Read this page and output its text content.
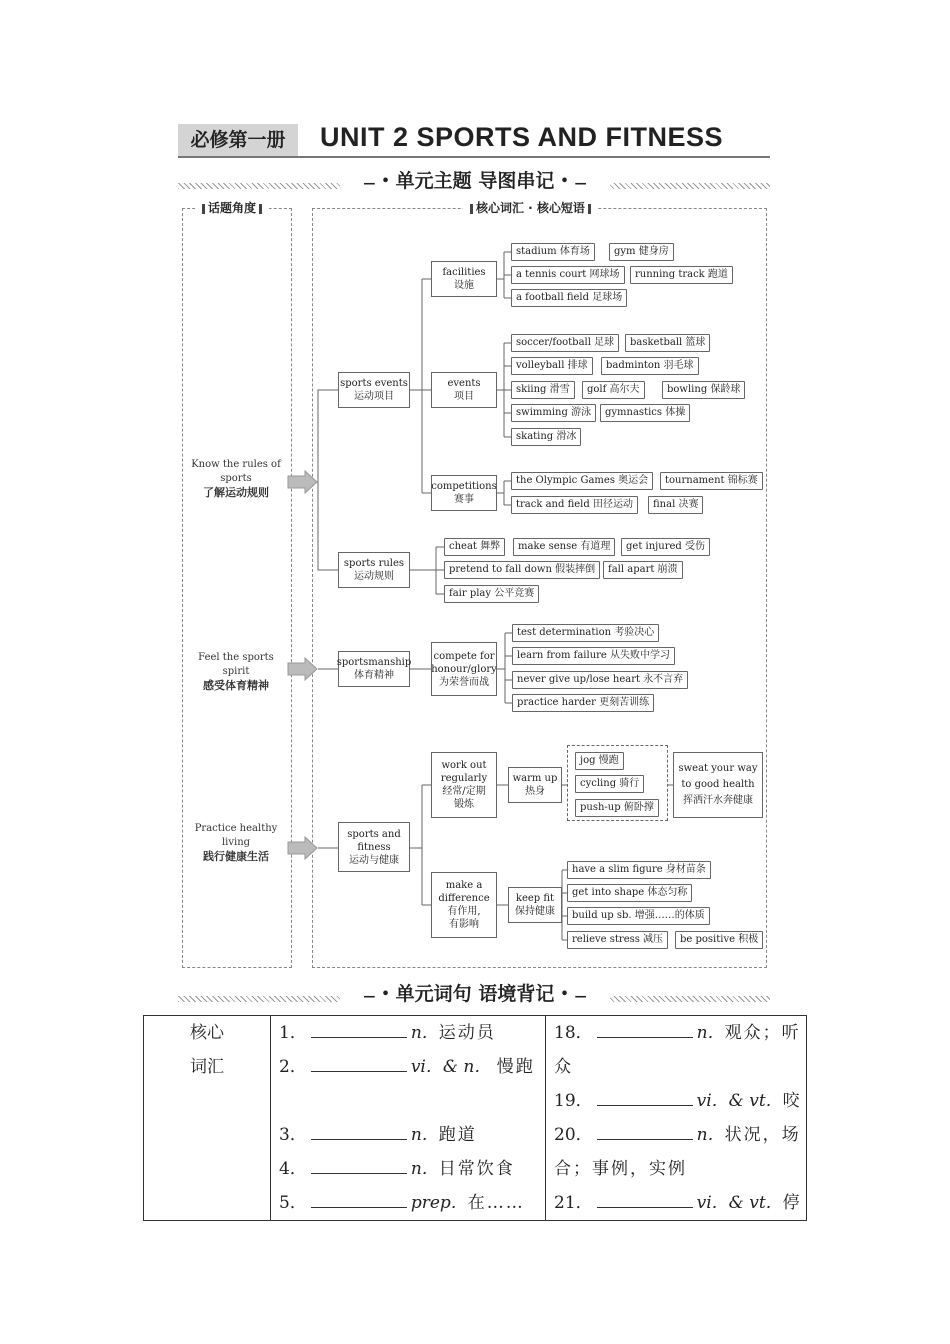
必修第一册	UNIT 2 SPORTS AND FITNESS
— • 单元主题 导图串记 • —
话题角度	核心词汇 · 核心短语
Know the rules of sports
了解运动规则
Feel the sports spirit
感受体育精神
Practice healthy living
践行健康生活
sports events
运动项目
facilities
设施
events
项目
competitions
赛事
sports rules
运动规则
stadium 体育场	gym 健身房
a tennis court 网球场	running track 跑道
a football field 足球场
soccer/football 足球	basketball 篮球
volleyball 排球	badminton 羽毛球
skiing 滑雪	golf 高尔夫	bowling 保龄球
swimming 游泳	gymnastics 体操
skating 滑冰
the Olympic Games 奥运会	tournament 锦标赛
track and field 田径运动	final 决赛
cheat 舞弊	make sense 有道理	get injured 受伤
pretend to fall down 假装摔倒	fall apart 崩溃
fair play 公平竞赛
sportsmanship
体育精神
compete for
honour/glory
为荣誉而战
test determination 考验决心
learn from failure 从失败中学习
never give up/lose heart 永不言弃
practice harder 更刻苦训练
sports and
fitness
运动与健康
work out
regularly
经常/定期
锻炼
warm up
热身
jog 慢跑
cycling 骑行
push-up 俯卧撑
sweat your way
to good health
挥洒汗水奔健康
make a
difference
有作用,
有影响
keep fit
保持健康
have a slim figure 身材苗条
get into shape 体态匀称
build up sb. 增强……的体质
relieve stress 减压	be positive 积极
— • 单元词句 语境背记 • —
核心词汇

1．	n．运动员
2．	vi．& n． 慢跑
3．	n．跑道
4．	n．日常饮食
5．	prep．在……

18．	n．观众；听众
19．	vi．& vt．咬
20．	n．状况，场合；事例，实例
21．	vi．& vt．停
